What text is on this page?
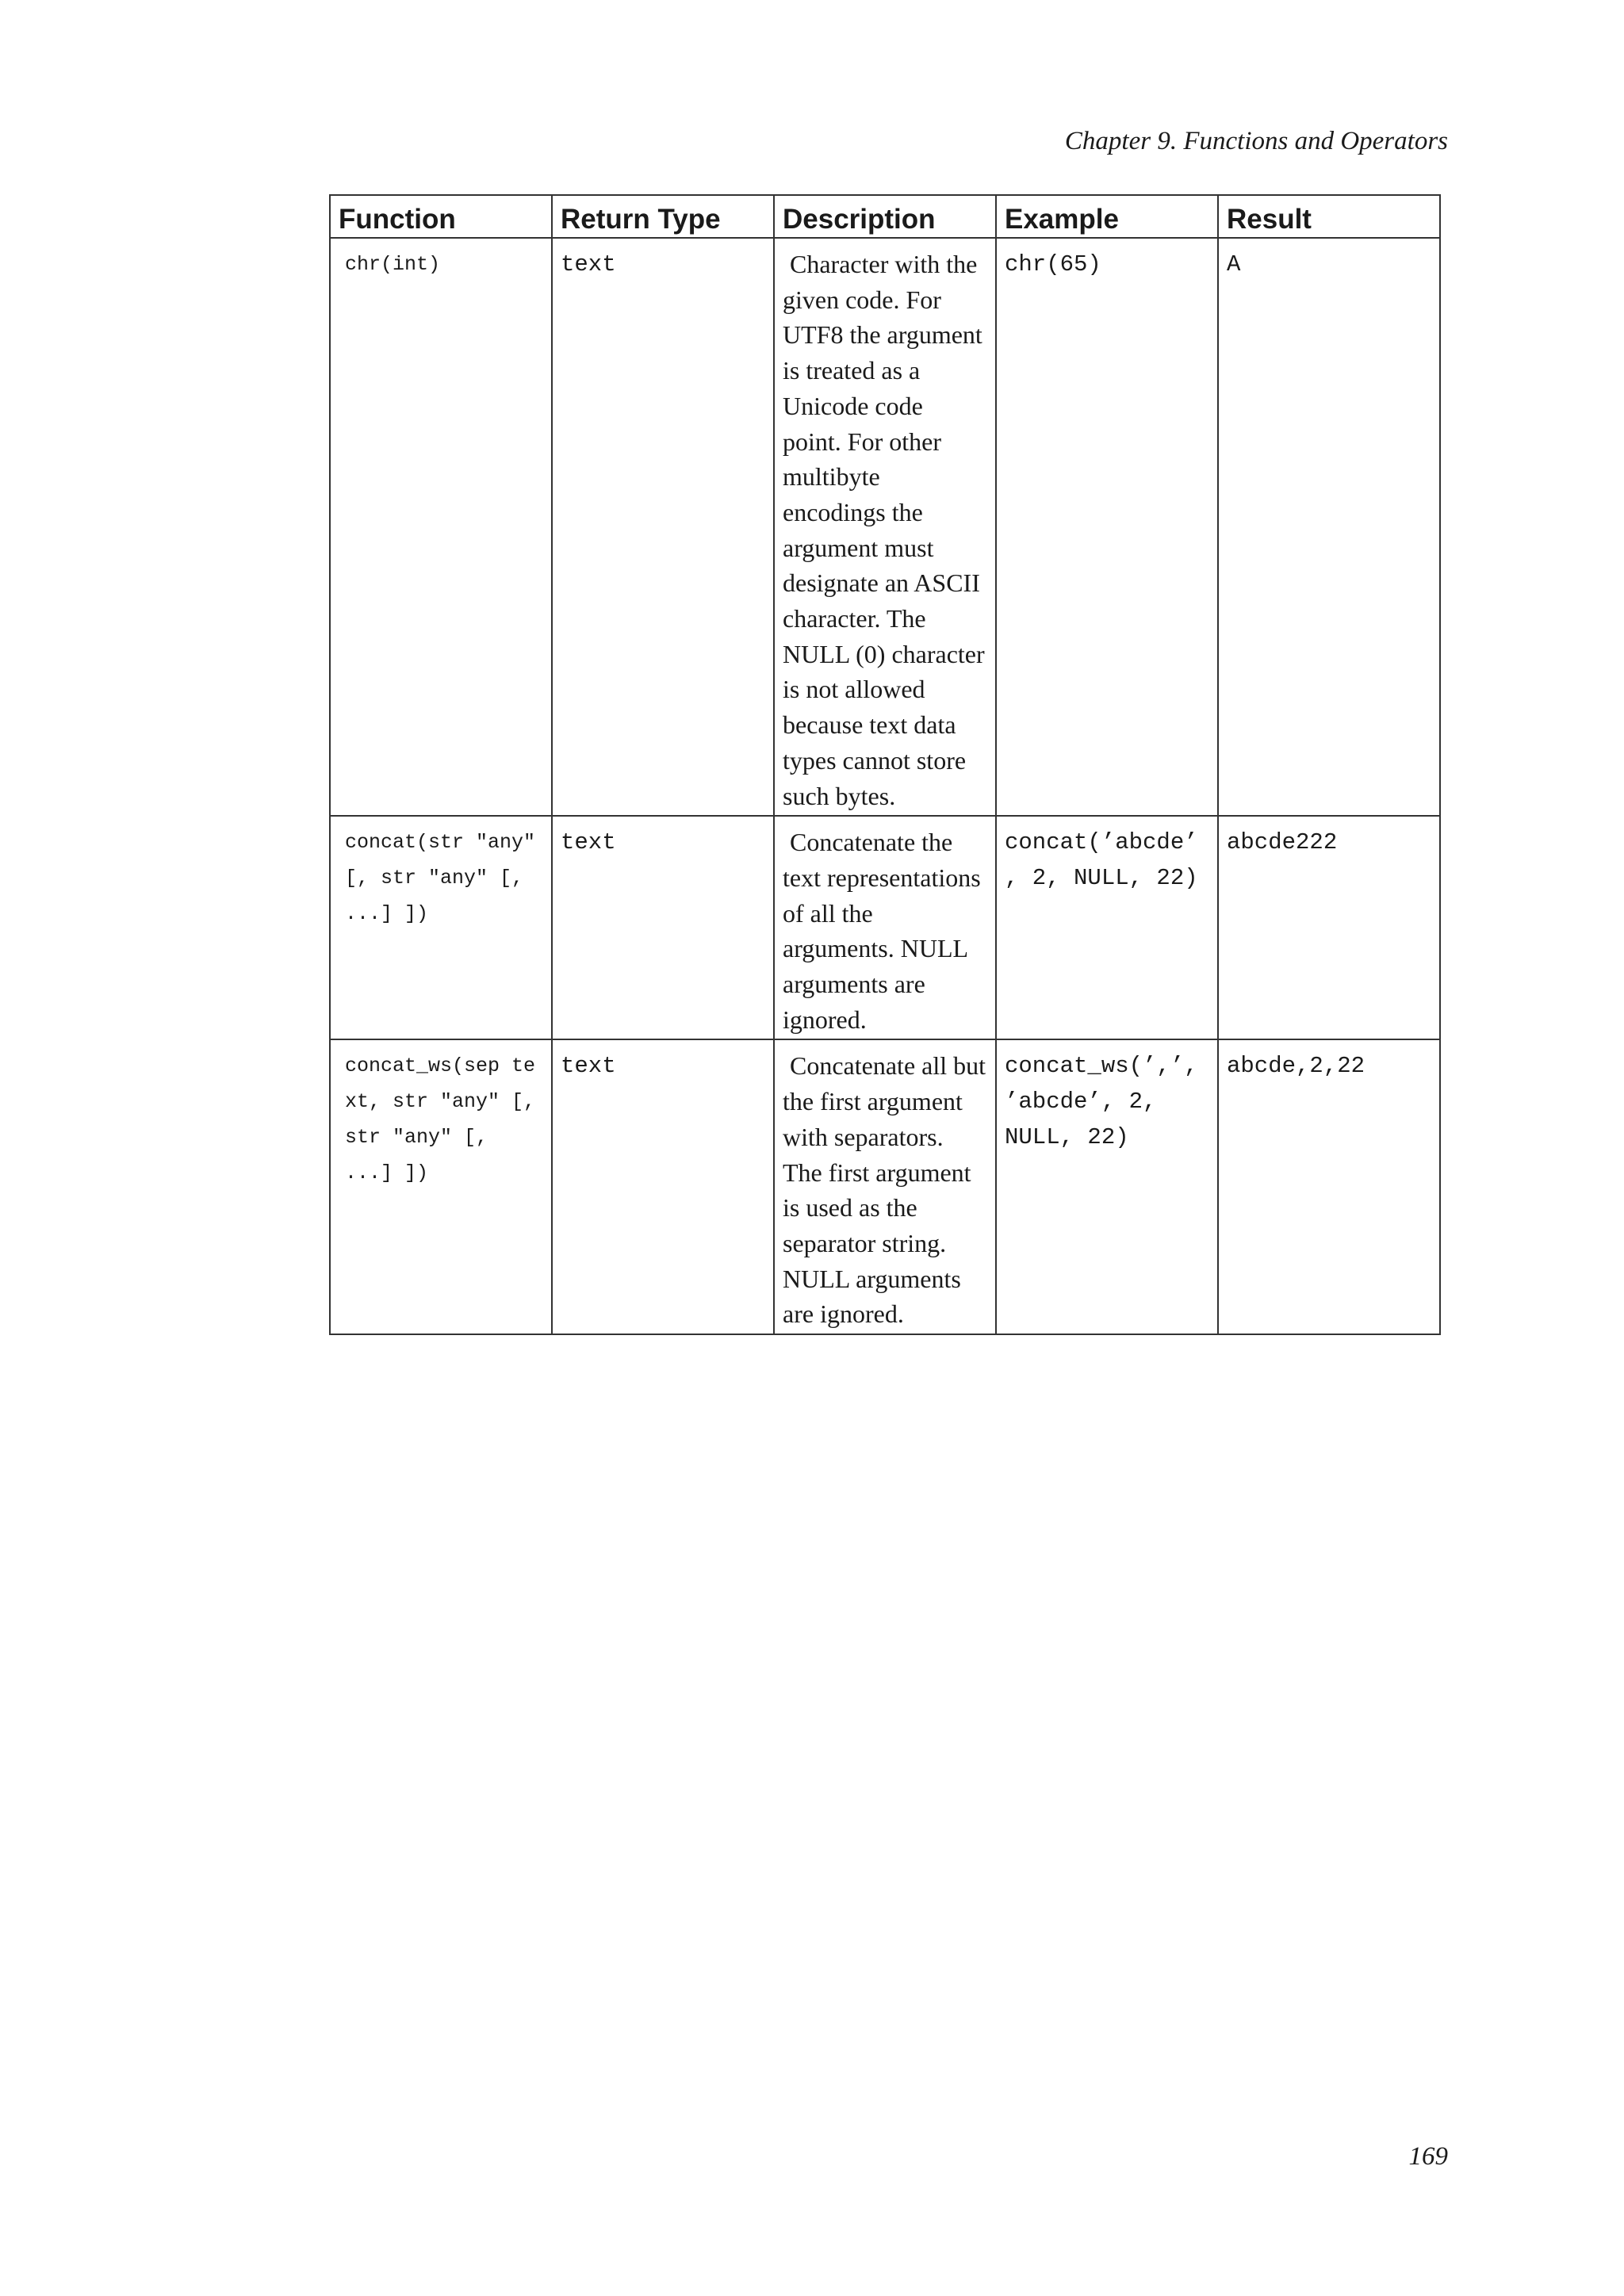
Chapter 9. Functions and Operators
Function	Return Type	Description	Example	Result
chr(int)	text	Character with the given code. For UTF8 the argument is treated as a Unicode code point. For other multibyte encodings the argument must designate an ASCII character. The NULL (0) character is not allowed because text data types cannot store such bytes.	chr(65)	A
concat(str "any" [, str "any" [, ...] ])	text	Concatenate the text representations of all the arguments. NULL arguments are ignored.	concat(’abcde’, 2, NULL, 22)	abcde222
concat_ws(sep text, str "any" [, str "any" [, ...] ])	text	Concatenate all but the first argument with separators. The first argument is used as the separator string. NULL arguments are ignored.	concat_ws(’,’, ’abcde’, 2, NULL, 22)	abcde,2,22
169
